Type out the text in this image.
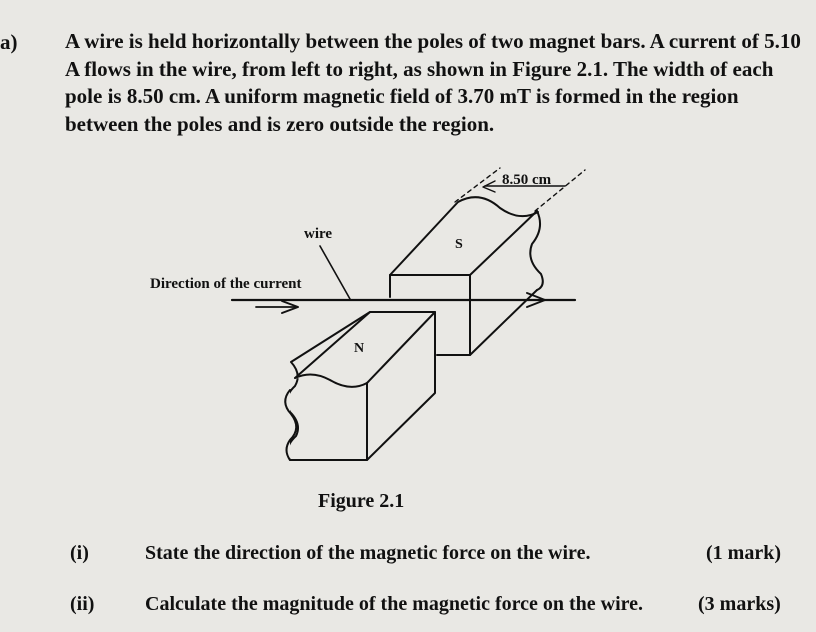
a) A wire is held horizontally between the poles of two magnet bars. A current of 5.10 A flows in the wire, from left to right, as shown in Figure 2.1. The width of each pole is 8.50 cm. A uniform magnetic field of 3.70 mT is formed in the region between the poles and is zero outside the region.
8.50 cm
wire
Direction of the current
S
N
Figure 2.1
(i)	State the direction of the magnetic force on the wire.	(1 mark)
(ii)	Calculate the magnitude of the magnetic force on the wire.	(3 marks)
